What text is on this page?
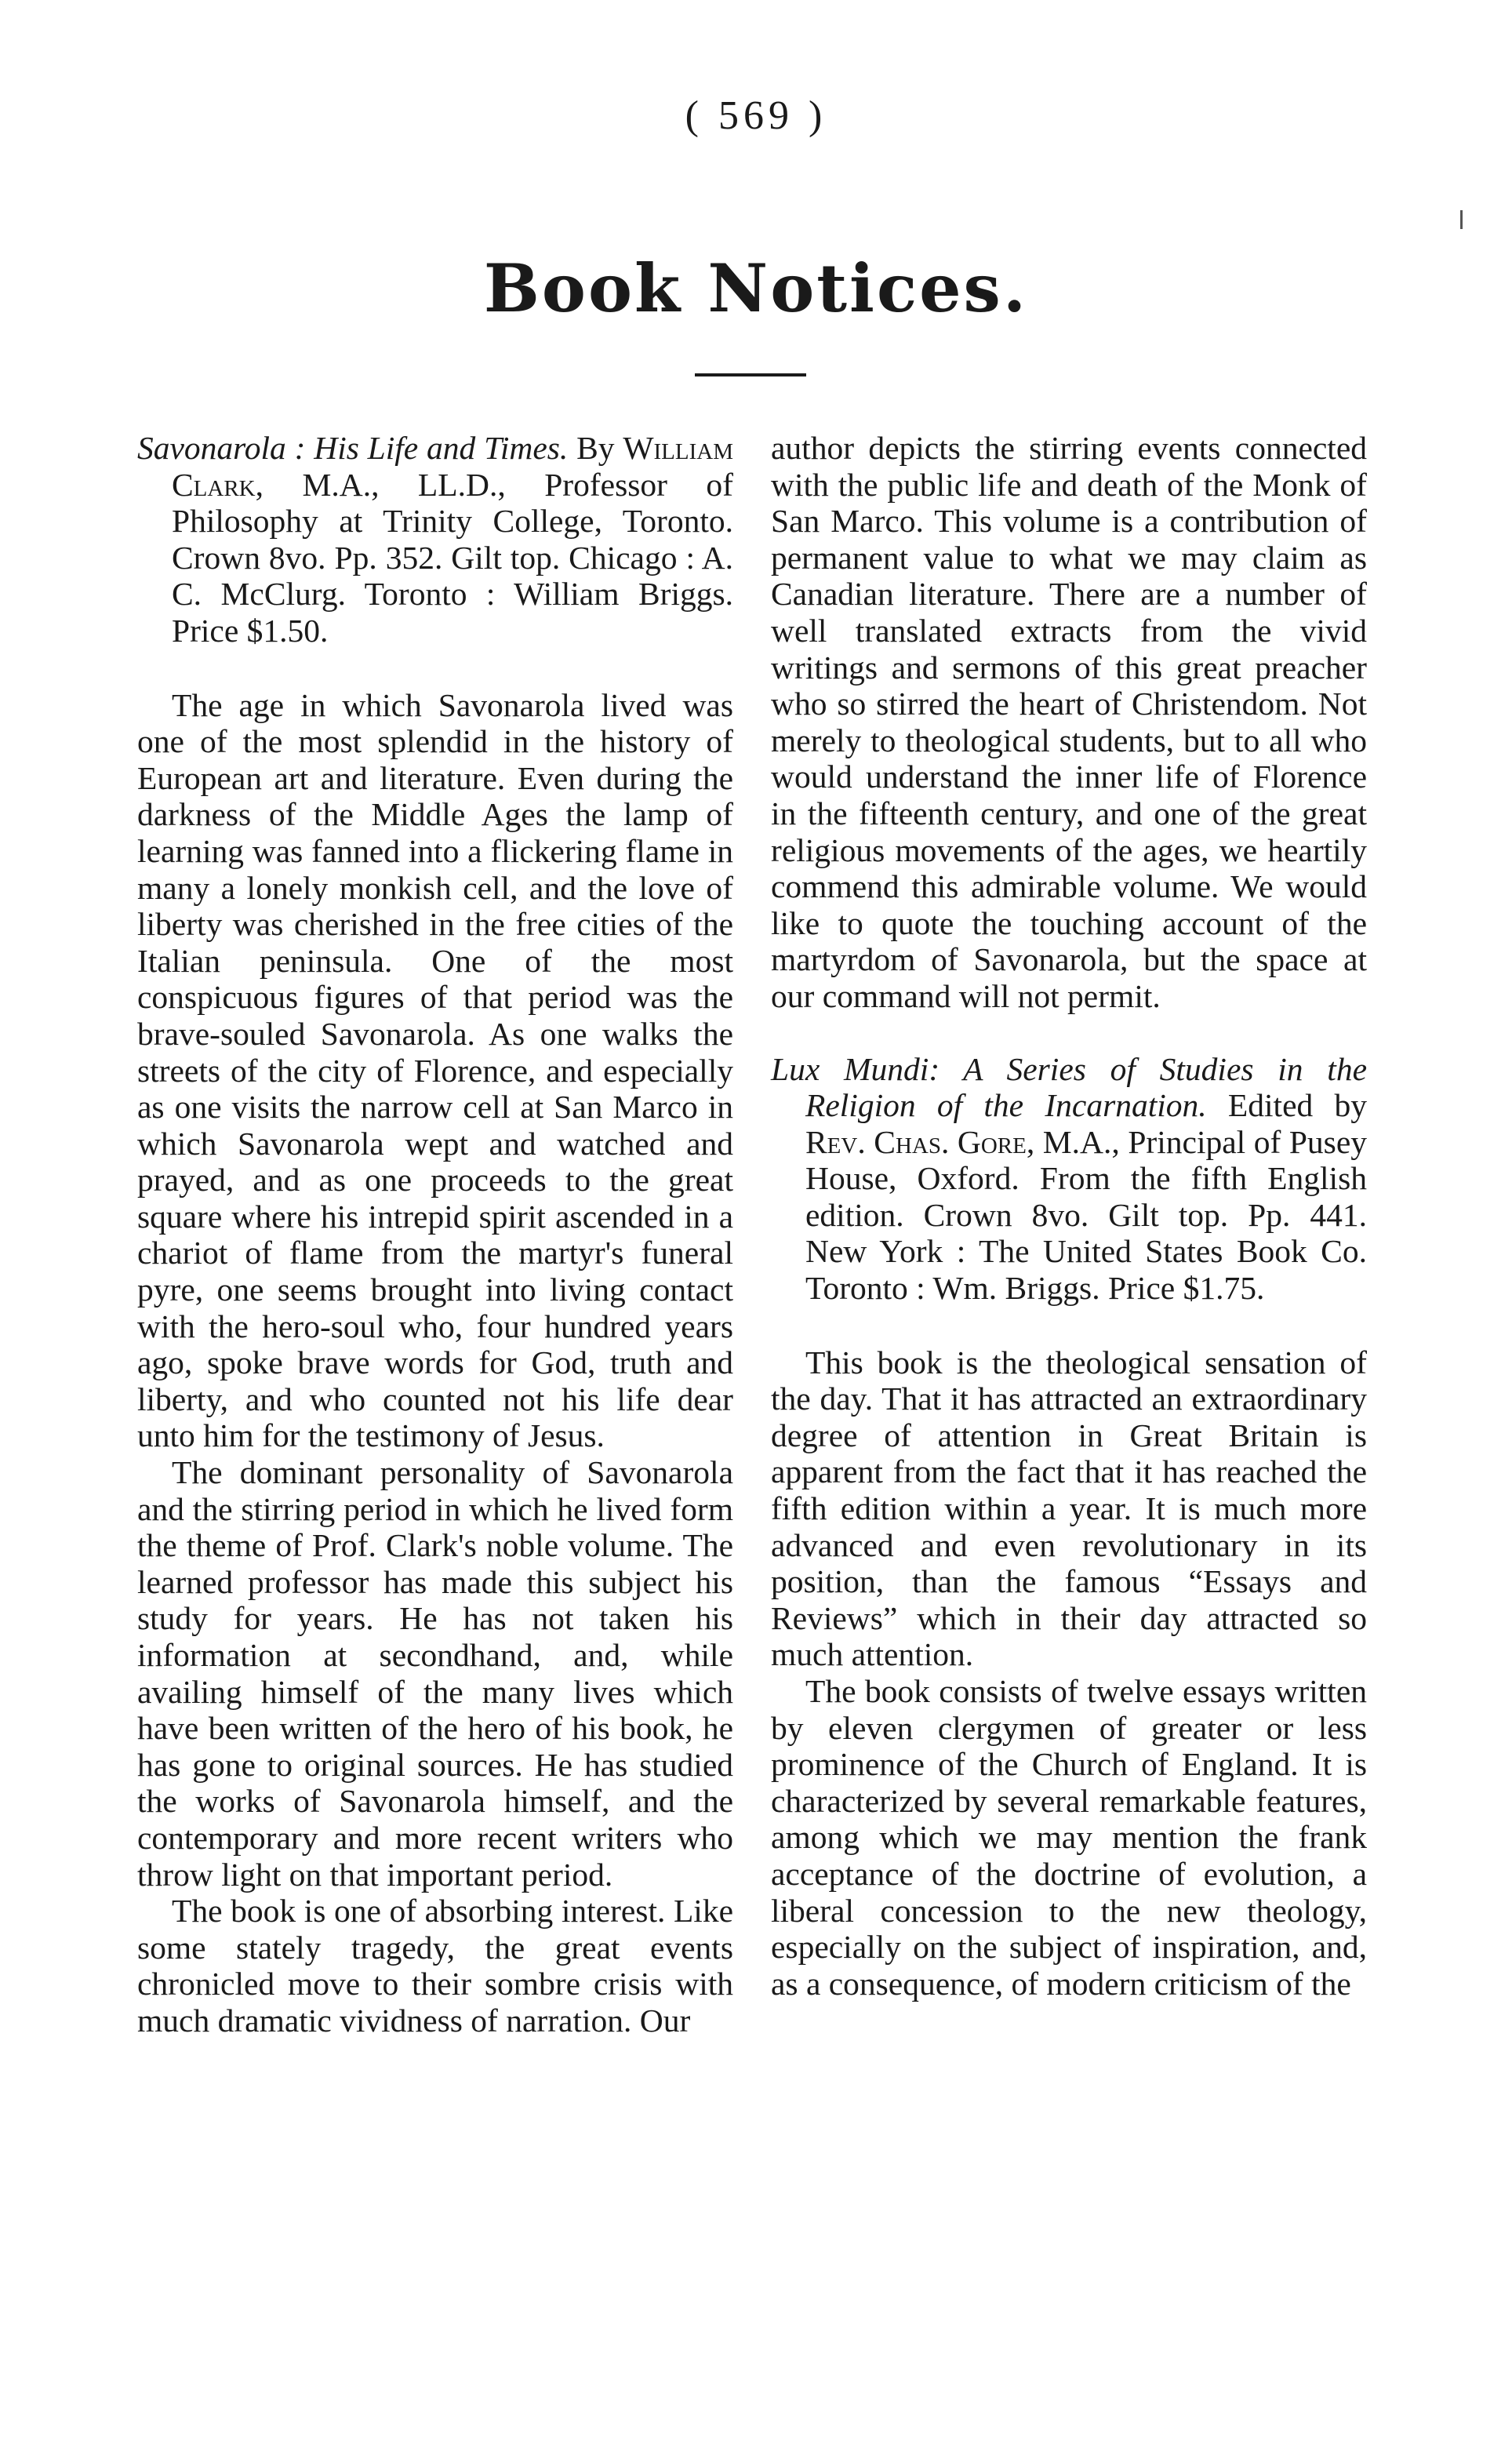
( 569 )
Book Notices.

Savonarola : His Life and Times. By William Clark, M.A., LL.D., Professor of Philosophy at Trinity College, Toronto. Crown 8vo. Pp. 352. Gilt top. Chicago : A. C. McClurg. Toronto : William Briggs. Price $1.50.

The age in which Savonarola lived was one of the most splendid in the history of European art and literature. Even during the darkness of the Middle Ages the lamp of learning was fanned into a flickering flame in many a lonely monkish cell, and the love of liberty was cherished in the free cities of the Italian peninsula. One of the most conspicuous figures of that period was the brave-souled Savonarola. As one walks the streets of the city of Florence, and especially as one visits the narrow cell at San Marco in which Savonarola wept and watched and prayed, and as one proceeds to the great square where his intrepid spirit ascended in a chariot of flame from the martyr's funeral pyre, one seems brought into living contact with the hero-soul who, four hundred years ago, spoke brave words for God, truth and liberty, and who counted not his life dear unto him for the testimony of Jesus.

The dominant personality of Savonarola and the stirring period in which he lived form the theme of Prof. Clark's noble volume. The learned professor has made this subject his study for years. He has not taken his information at secondhand, and, while availing himself of the many lives which have been written of the hero of his book, he has gone to original sources. He has studied the works of Savonarola himself, and the contemporary and more recent writers who throw light on that important period.

The book is one of absorbing interest. Like some stately tragedy, the great events chronicled move to their sombre crisis with much dramatic vividness of narration. Our

author depicts the stirring events connected with the public life and death of the Monk of San Marco. This volume is a contribution of permanent value to what we may claim as Canadian literature. There are a number of well translated extracts from the vivid writings and sermons of this great preacher who so stirred the heart of Christendom. Not merely to theological students, but to all who would understand the inner life of Florence in the fifteenth century, and one of the great religious movements of the ages, we heartily commend this admirable volume. We would like to quote the touching account of the martyrdom of Savonarola, but the space at our command will not permit.

Lux Mundi: A Series of Studies in the Religion of the Incarnation. Edited by Rev. Chas. Gore, M.A., Principal of Pusey House, Oxford. From the fifth English edition. Crown 8vo. Gilt top. Pp. 441. New York : The United States Book Co. Toronto : Wm. Briggs. Price $1.75.

This book is the theological sensation of the day. That it has attracted an extraordinary degree of attention in Great Britain is apparent from the fact that it has reached the fifth edition within a year. It is much more advanced and even revolutionary in its position, than the famous “Essays and Reviews” which in their day attracted so much attention.

The book consists of twelve essays written by eleven clergymen of greater or less prominence of the Church of England. It is characterized by several remarkable features, among which we may mention the frank acceptance of the doctrine of evolution, a liberal concession to the new theology, especially on the subject of inspiration, and, as a consequence, of modern criticism of the
